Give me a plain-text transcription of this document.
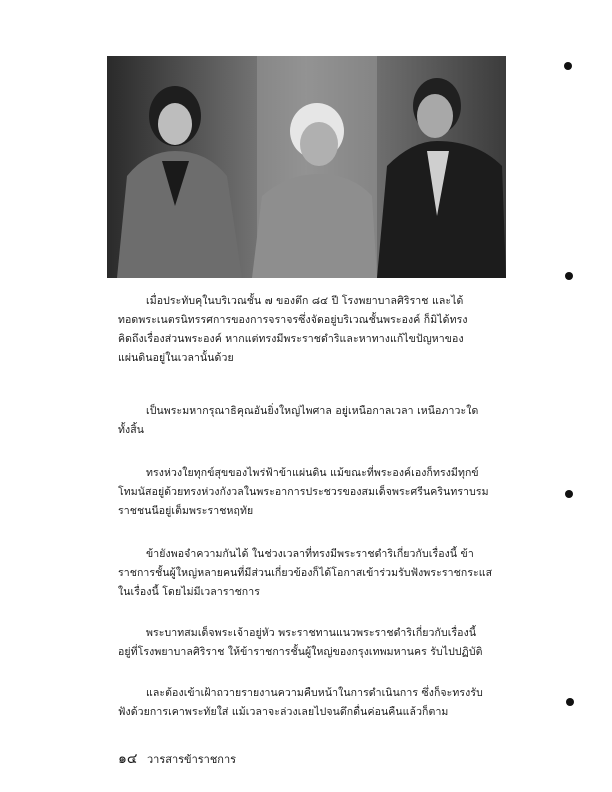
เมื่อประทับคุในบริเวณชั้น ๗ ของตึก ๘๔ ปี โรงพยาบาลศิริราช และได้
ทอดพระเนตรนิทรรศการของการจราจรซึ่งจัดอยู่บริเวณชั้นพระองค์ ก็มิได้ทรง
คิดถึงเรื่องส่วนพระองค์ หากแต่ทรงมีพระราชดำริและหาทางแก้ไขปัญหาของ
แผ่นดินอยู่ในเวลานั้นด้วย

เป็นพระมหากรุณาธิคุณอันยิ่งใหญ่ไพศาล อยู่เหนือกาลเวลา เหนือภาวะใด
ทั้งสิ้น

ทรงห่วงใยทุกข์สุขของไพร่ฟ้าข้าแผ่นดิน แม้ขณะที่พระองค์เองก็ทรงมีทุกข์
โทมนัสอยู่ด้วยทรงห่วงกังวลในพระอาการประชวรของสมเด็จพระศรีนครินทราบรม
ราชชนนีอยู่เต็มพระราชหฤทัย

ข้ายังพอจำความกันได้ ในช่วงเวลาที่ทรงมีพระราชดำริเกี่ยวกับเรื่องนี้ ข้า
ราชการชั้นผู้ใหญ่หลายคนที่มีส่วนเกี่ยวข้องก็ได้โอกาสเข้าร่วมรับฟังพระราชกระแส
ในเรื่องนี้ โดยไม่มีเวลาราชการ

พระบาทสมเด็จพระเจ้าอยู่หัว พระราชทานแนวพระราชดำริเกี่ยวกับเรื่องนี้
อยู่ที่โรงพยาบาลศิริราช ให้ข้าราชการชั้นผู้ใหญ่ของกรุงเทพมหานคร รับไปปฏิบัติ

และต้องเข้าเฝ้าถวายรายงานความคืบหน้าในการดำเนินการ ซึ่งก็จะทรงรับ
ฟังด้วยการเคาพระทัยใส่ แม้เวลาจะล่วงเลยไปจนดึกดื่นค่อนคืนแล้วก็ตาม

๑๔ วารสารข้าราชการ
